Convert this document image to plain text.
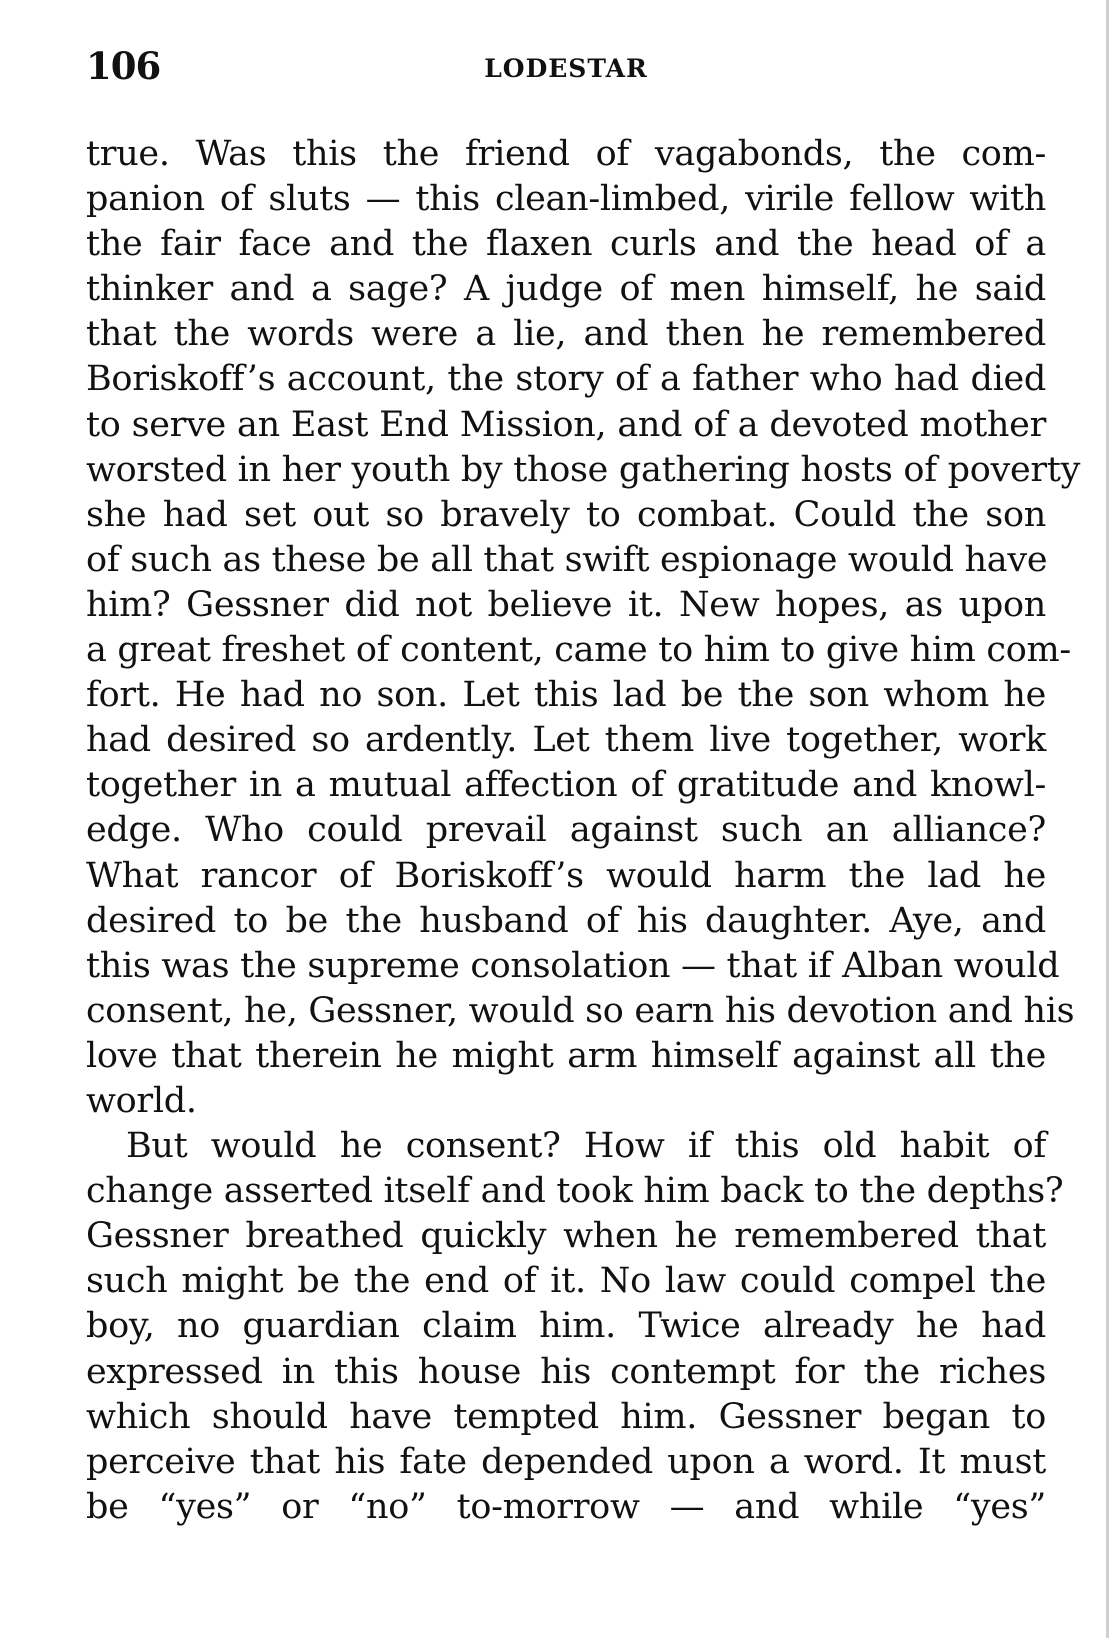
106	LODESTAR
true. Was this the friend of vagabonds, the com-
panion of sluts — this clean-limbed, virile fellow with
the fair face and the flaxen curls and the head of a
thinker and a sage? A judge of men himself, he said
that the words were a lie, and then he remembered
Boriskoff’s account, the story of a father who had died
to serve an East End Mission, and of a devoted mother
worsted in her youth by those gathering hosts of poverty
she had set out so bravely to combat. Could the son
of such as these be all that swift espionage would have
him? Gessner did not believe it. New hopes, as upon
a great freshet of content, came to him to give him com-
fort. He had no son. Let this lad be the son whom he
had desired so ardently. Let them live together, work
together in a mutual affection of gratitude and knowl-
edge. Who could prevail against such an alliance?
What rancor of Boriskoff’s would harm the lad he
desired to be the husband of his daughter. Aye, and
this was the supreme consolation — that if Alban would
consent, he, Gessner, would so earn his devotion and his
love that therein he might arm himself against all the
world.
But would he consent? How if this old habit of
change asserted itself and took him back to the depths?
Gessner breathed quickly when he remembered that
such might be the end of it. No law could compel the
boy, no guardian claim him. Twice already he had
expressed in this house his contempt for the riches
which should have tempted him. Gessner began to
perceive that his fate depended upon a word. It must
be “yes” or “no” to-morrow — and while “yes”
